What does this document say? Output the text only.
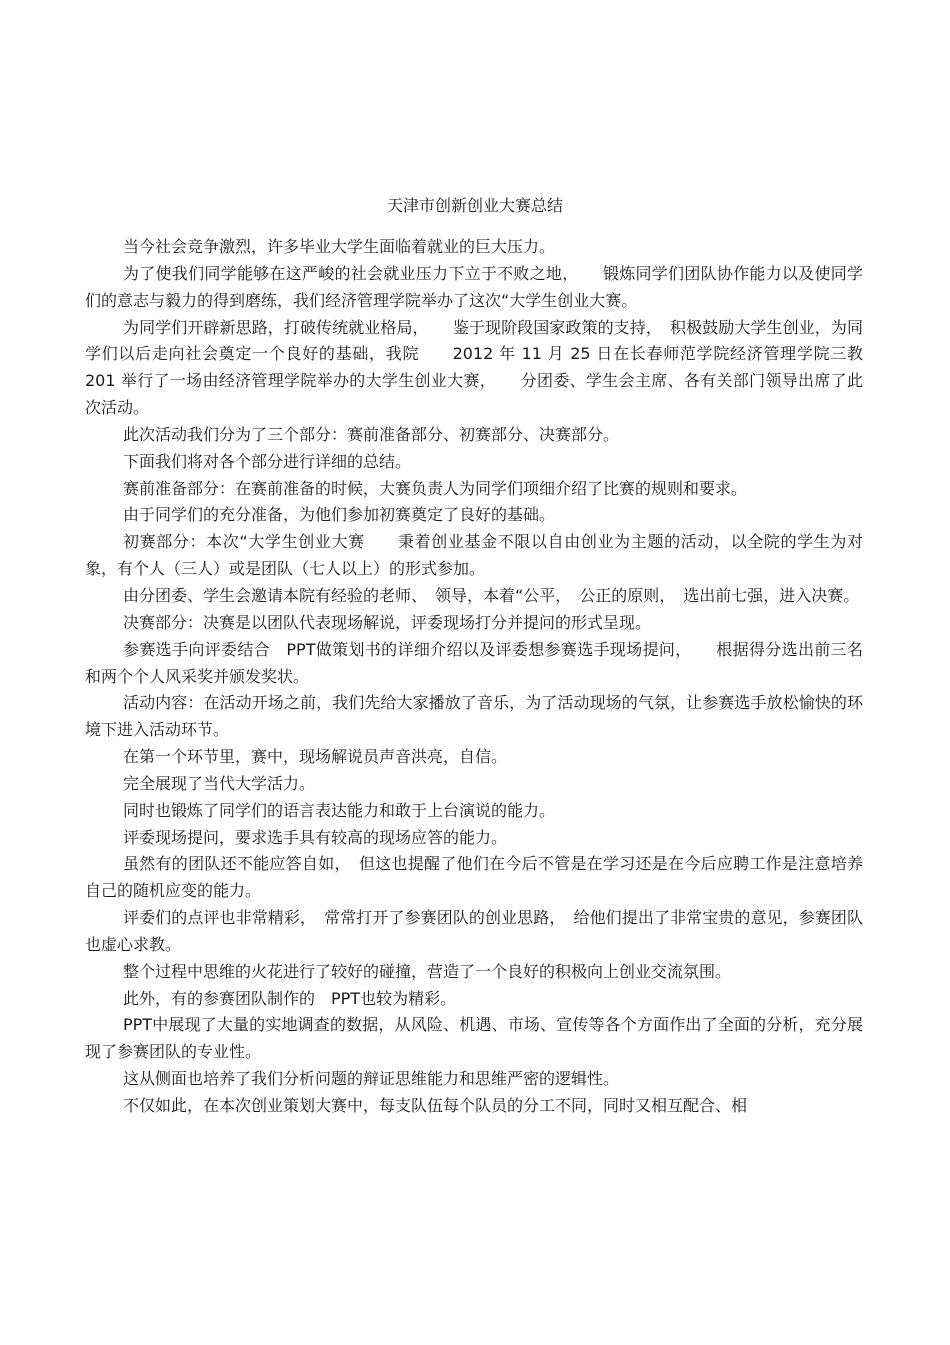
天津市创新创业大赛总结

当今社会竞争激烈，许多毕业大学生面临着就业的巨大压力。

为了使我们同学能够在这严峻的社会就业压力下立于不败之地，　　锻炼同学们团队协作能力以及使同学们的意志与毅力的得到磨练，我们经济管理学院举办了这次“大学生创业大赛。

为同学们开辟新思路，打破传统就业格局，　　鉴于现阶段国家政策的支持，　积极鼓励大学生创业，为同学们以后走向社会奠定一个良好的基础，我院　　2012 年 11 月 25 日在长春师范学院经济管理学院三教　201 举行了一场由经济管理学院举办的大学生创业大赛，　　分团委、学生会主席、各有关部门领导出席了此次活动。

此次活动我们分为了三个部分：赛前准备部分、初赛部分、决赛部分。

下面我们将对各个部分进行详细的总结。

赛前准备部分：在赛前准备的时候，大赛负责人为同学们项细介绍了比赛的规则和要求。

由于同学们的充分准备，为他们参加初赛奠定了良好的基础。

初赛部分：本次“大学生创业大赛　　秉着创业基金不限以自由创业为主题的活动，以全院的学生为对象，有个人（三人）或是团队（七人以上）的形式参加。

由分团委、学生会邀请本院有经验的老师、　领导，本着“公平，　公正的原则，　选出前七强，进入决赛。

决赛部分：决赛是以团队代表现场解说，评委现场打分并提问的形式呈现。

参赛选手向评委结合　PPT做策划书的详细介绍以及评委想参赛选手现场提问，　　根据得分选出前三名和两个个人风采奖并颁发奖状。

活动内容：在活动开场之前，我们先给大家播放了音乐，为了活动现场的气氛，让参赛选手放松愉快的环境下进入活动环节。

在第一个环节里，赛中，现场解说员声音洪亮，自信。

完全展现了当代大学活力。

同时也锻炼了同学们的语言表达能力和敢于上台演说的能力。

评委现场提问，要求选手具有较高的现场应答的能力。

虽然有的团队还不能应答自如，　但这也提醒了他们在今后不管是在学习还是在今后应聘工作是注意培养自己的随机应变的能力。

评委们的点评也非常精彩，　常常打开了参赛团队的创业思路，　给他们提出了非常宝贵的意见，参赛团队也虚心求教。

整个过程中思维的火花进行了较好的碰撞，营造了一个良好的积极向上创业交流氛围。

此外，有的参赛团队制作的　PPT也较为精彩。

PPT中展现了大量的实地调查的数据，从风险、机遇、市场、宣传等各个方面作出了全面的分析，充分展现了参赛团队的专业性。

这从侧面也培养了我们分析问题的辩证思维能力和思维严密的逻辑性。

不仅如此，在本次创业策划大赛中，每支队伍每个队员的分工不同，同时又相互配合、相
